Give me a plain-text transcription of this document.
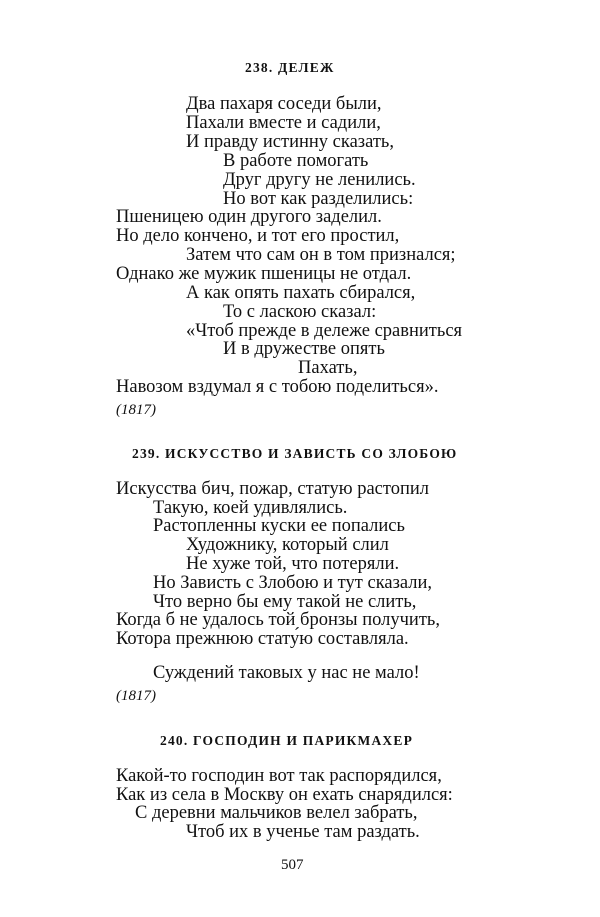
238. ДЕЛЕЖ
Два пахаря соседи были,
Пахали вместе и садили,
И правду истинну сказать,
В работе помогать
Друг другу не ленились.
Но вот как разделились:
Пшеницею один другого заделил.
Но дело кончено, и тот его простил,
Затем что сам он в том признался;
Однако же мужик пшеницы не отдал.
А как опять пахать сбирался,
То с ласкою сказал:
«Чтоб прежде в дележе сравниться
И в дружестве опять
Пахать,
Навозом вздумал я с тобою поделиться».
(1817)
239. ИСКУССТВО И ЗАВИСТЬ СО ЗЛОБОЮ
Искусства бич, пожар, статую растопил
Такую, коей удивлялись.
Растопленны куски ее попались
Художнику, который слил
Не хуже той, что потеряли.
Но Зависть с Злобою и тут сказали,
Что верно бы ему такой не слить,
Когда б не удалось той бронзы получить,
Котора прежнюю стату́ю составляла.
Суждений таковых у нас не мало!
(1817)
240. ГОСПОДИН И ПАРИКМАХЕР
Какой-то господин вот так распорядился,
Как из села в Москву он ехать снарядился:
С деревни мальчиков велел забрать,
Чтоб их в ученье там раздать.
507
